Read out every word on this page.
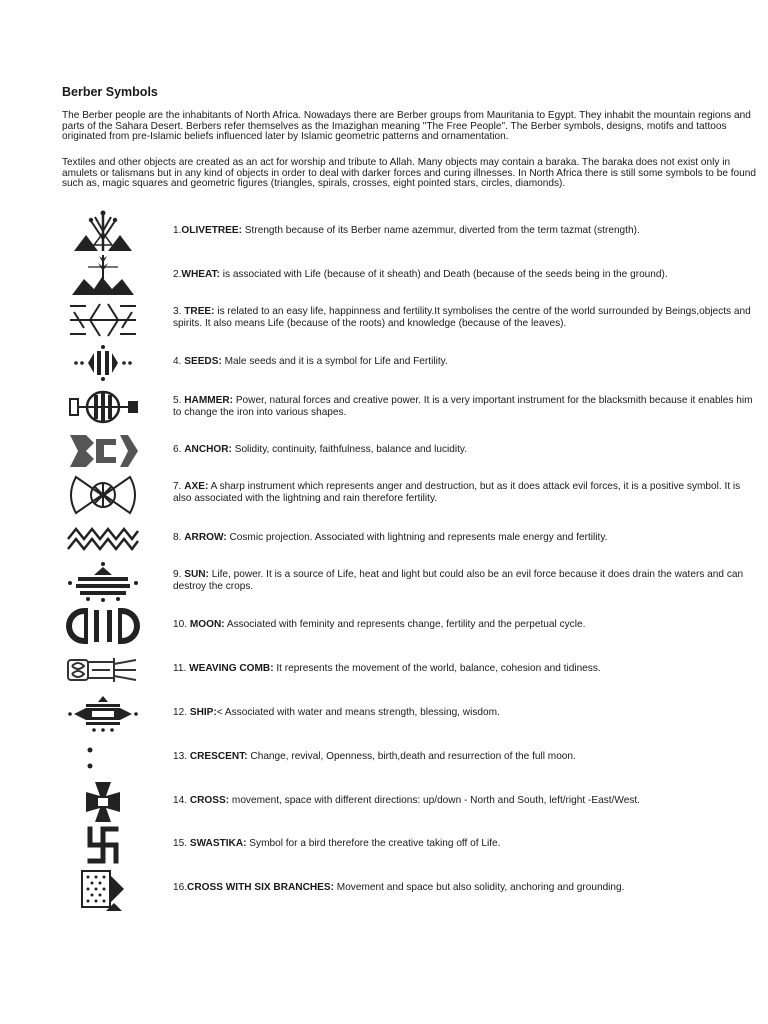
Berber Symbols

The Berber people are the inhabitants of North Africa. Nowadays there are Berber groups from Mauritania to Egypt. They inhabit the mountain regions and parts of the Sahara Desert. Berbers refer themselves as the Imazighan meaning "The Free People". The Berber symbols, designs, motifs and tattoos originated from pre-Islamic beliefs influenced later by Islamic geometric patterns and ornamentation.

Textiles and other objects are created as an act for worship and tribute to Allah. Many objects may contain a baraka. The baraka does not exist only in amulets or talismans but in any kind of objects in order to deal with darker forces and curing illnesses. In North Africa there is still some symbols to be found such as, magic squares and geometric figures (triangles, spirals, crosses, eight pointed stars, circles, diamonds).

1.OLIVETREE: Strength because of its Berber name azemmur, diverted from the term tazmat (strength).
2.WHEAT: is associated with Life (because of it sheath) and Death (because of the seeds being in the ground).
3. TREE: is related to an easy life, happinness and fertility.It symbolises the centre of the world surrounded by Beings,objects and spirits. It also means Life (because of the roots) and knowledge (because of the leaves).
4. SEEDS: Male seeds and it is a symbol for Life and Fertility.
5. HAMMER: Power, natural forces and creative power. It is a very important instrument for the blacksmith because it enables him to change the iron into various shapes.
6. ANCHOR: Solidity, continuity, faithfulness, balance and lucidity.
7. AXE: A sharp instrument which represents anger and destruction, but as it does attack evil forces, it is a positive symbol. It is also associated with the lightning and rain therefore fertility.
8. ARROW: Cosmic projection. Associated with lightning and represents male energy and fertility.
9. SUN: Life, power. It is a source of Life, heat and light but could also be an evil force because it does drain the waters and can destroy the crops.
10. MOON: Associated with feminity and represents change, fertility and the perpetual cycle.
11. WEAVING COMB: It represents the movement of the world, balance, cohesion and tidiness.
12. SHIP:< Associated with water and means strength, blessing, wisdom.
13. CRESCENT: Change, revival, Openness, birth,death and resurrection of the full moon.
14. CROSS: movement, space with different directions: up/down - North and South, left/right -East/West.
15. SWASTIKA: Symbol for a bird therefore the creative taking off of Life.
16.CROSS WITH SIX BRANCHES: Movement and space but also solidity, anchoring and grounding.
